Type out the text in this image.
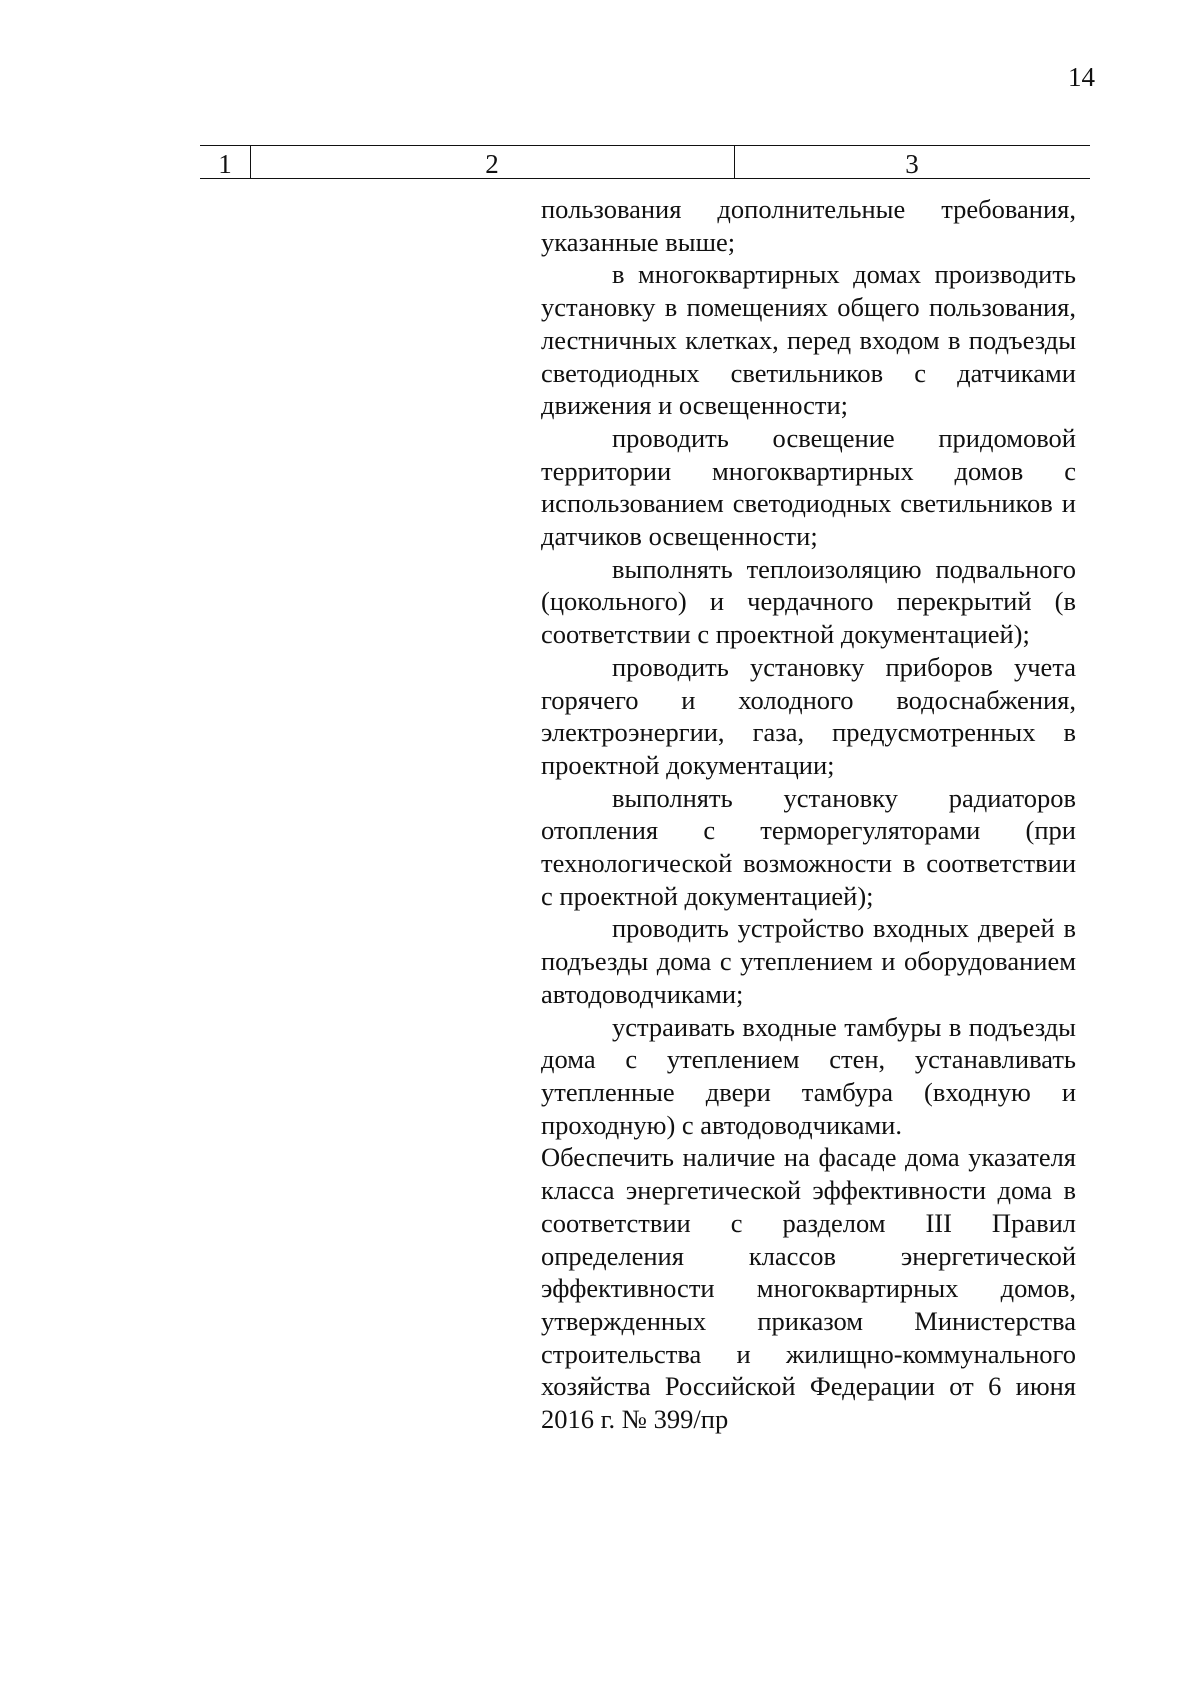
14
1	2	3

пользования дополнительные требования, указанные выше;

в многоквартирных домах производить установку в помещениях общего пользования, лестничных клетках, перед входом в подъезды светодиодных светильников с датчиками движения и освещенности;

проводить освещение придомовой территории многоквартирных домов с использованием светодиодных светильников и датчиков освещенности;

выполнять теплоизоляцию подвального (цокольного) и чердачного перекрытий (в соответствии с проектной документацией);

проводить установку приборов учета горячего и холодного водоснабжения, электроэнергии, газа, предусмотренных в проектной документации;

выполнять установку радиаторов отопления с терморегуляторами (при технологической возможности в соответствии с проектной документацией);

проводить устройство входных дверей в подъезды дома с утеплением и оборудованием автодоводчиками;

устраивать входные тамбуры в подъезды дома с утеплением стен, устанавливать утепленные двери тамбура (входную и проходную) с автодоводчиками.

Обеспечить наличие на фасаде дома указателя класса энергетической эффективности дома в соответствии с разделом III Правил определения классов энергетической эффективности многоквартирных домов, утвержденных приказом Министерства строительства и жилищно-коммунального хозяйства Российской Федерации от 6 июня 2016 г. № 399/пр
